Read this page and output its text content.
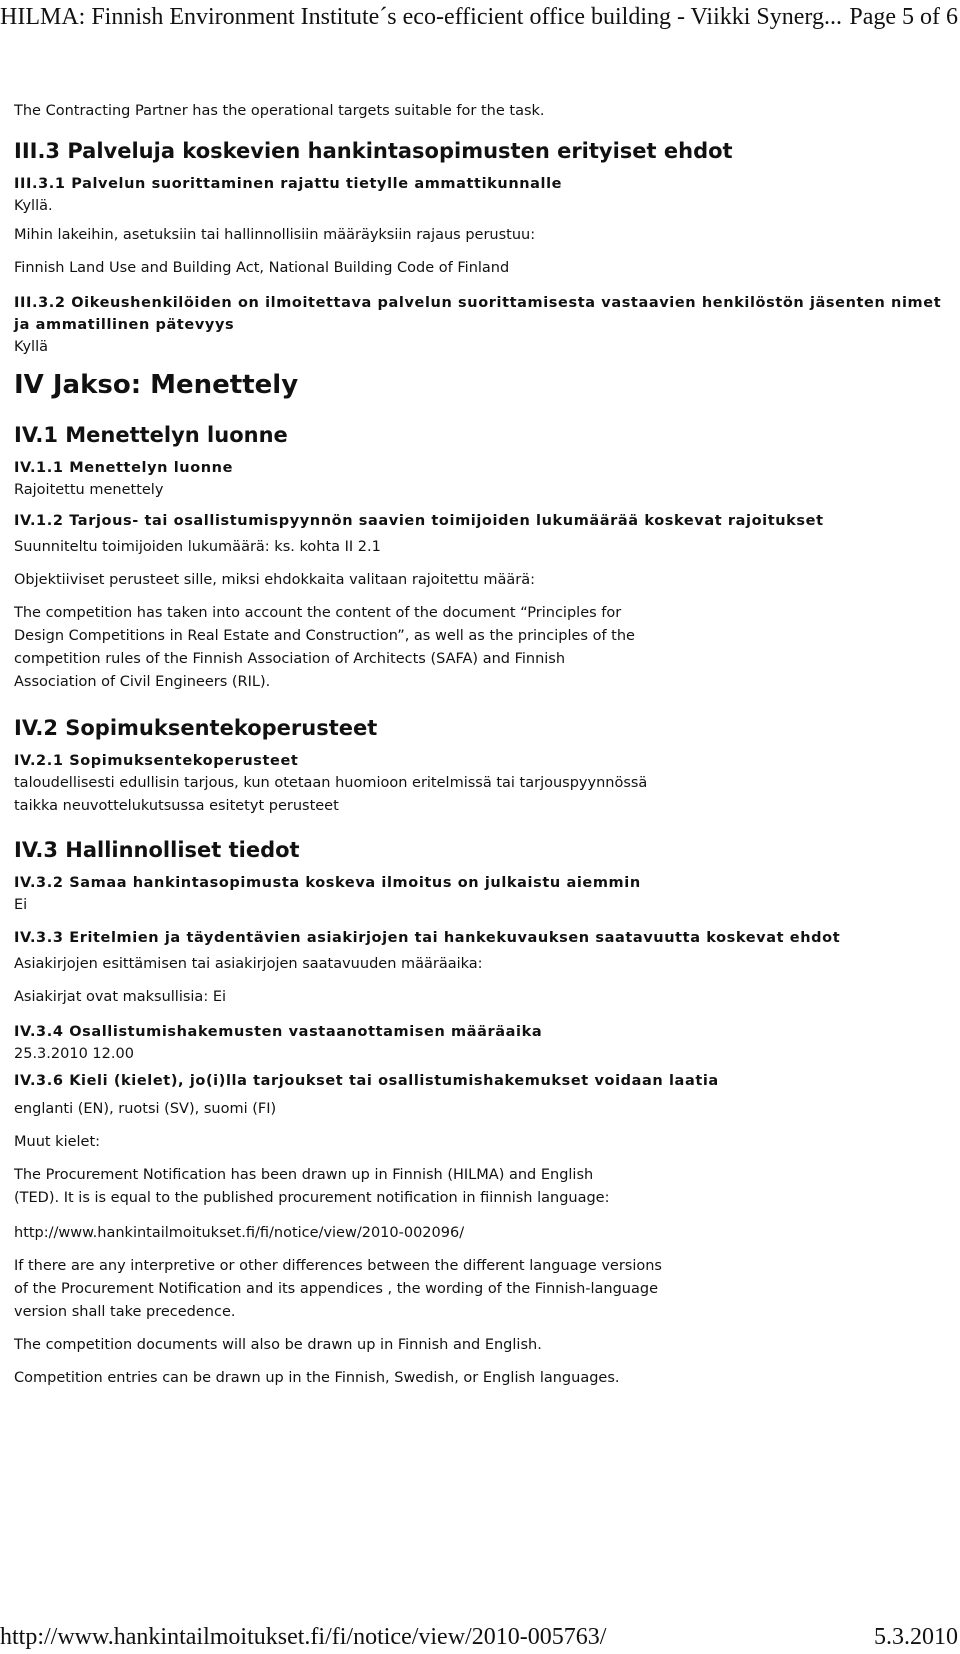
HILMA: Finnish Environment Institute´s eco-efficient office building - Viikki Synerg... Page 5 of 6

The Contracting Partner has the operational targets suitable for the task.

III.3 Palveluja koskevien hankintasopimusten erityiset ehdot

III.3.1 Palvelun suorittaminen rajattu tietylle ammattikunnalle

Kyllä.

Mihin lakeihin, asetuksiin tai hallinnollisiin määräyksiin rajaus perustuu:

Finnish Land Use and Building Act, National Building Code of Finland

III.3.2 Oikeushenkilöiden on ilmoitettava palvelun suorittamisesta vastaavien henkilöstön jäsenten nimet ja ammatillinen pätevyys

Kyllä

IV Jakso: Menettely

IV.1 Menettelyn luonne

IV.1.1 Menettelyn luonne

Rajoitettu menettely

IV.1.2 Tarjous- tai osallistumispyynnön saavien toimijoiden lukumäärää koskevat rajoitukset

Suunniteltu toimijoiden lukumäärä: ks. kohta II 2.1

Objektiiviset perusteet sille, miksi ehdokkaita valitaan rajoitettu määrä:

The competition has taken into account the content of the document “Principles for

Design Competitions in Real Estate and Construction”, as well as the principles of the

competition rules of the Finnish Association of Architects (SAFA) and Finnish

Association of Civil Engineers (RIL).

IV.2 Sopimuksentekoperusteet

IV.2.1 Sopimuksentekoperusteet

taloudellisesti edullisin tarjous, kun otetaan huomioon eritelmissä tai tarjouspyynnössä

taikka neuvottelukutsussa esitetyt perusteet

IV.3 Hallinnolliset tiedot

IV.3.2 Samaa hankintasopimusta koskeva ilmoitus on julkaistu aiemmin

Ei

IV.3.3 Eritelmien ja täydentävien asiakirjojen tai hankekuvauksen saatavuutta koskevat ehdot

Asiakirjojen esittämisen tai asiakirjojen saatavuuden määräaika:

Asiakirjat ovat maksullisia: Ei

IV.3.4 Osallistumishakemusten vastaanottamisen määräaika

25.3.2010 12.00

IV.3.6 Kieli (kielet), jo(i)lla tarjoukset tai osallistumishakemukset voidaan laatia

englanti (EN), ruotsi (SV), suomi (FI)

Muut kielet:

The Procurement Notification has been drawn up in Finnish (HILMA) and English

(TED). It is is equal to the published procurement notification in fiinnish language:

http://www.hankintailmoitukset.fi/fi/notice/view/2010-002096/

If there are any interpretive or other differences between the different language versions

of the Procurement Notification and its appendices , the wording of the Finnish-language

version shall take precedence.

The competition documents will also be drawn up in Finnish and English.

Competition entries can be drawn up in the Finnish, Swedish, or English languages.

http://www.hankintailmoitukset.fi/fi/notice/view/2010-005763/	5.3.2010
